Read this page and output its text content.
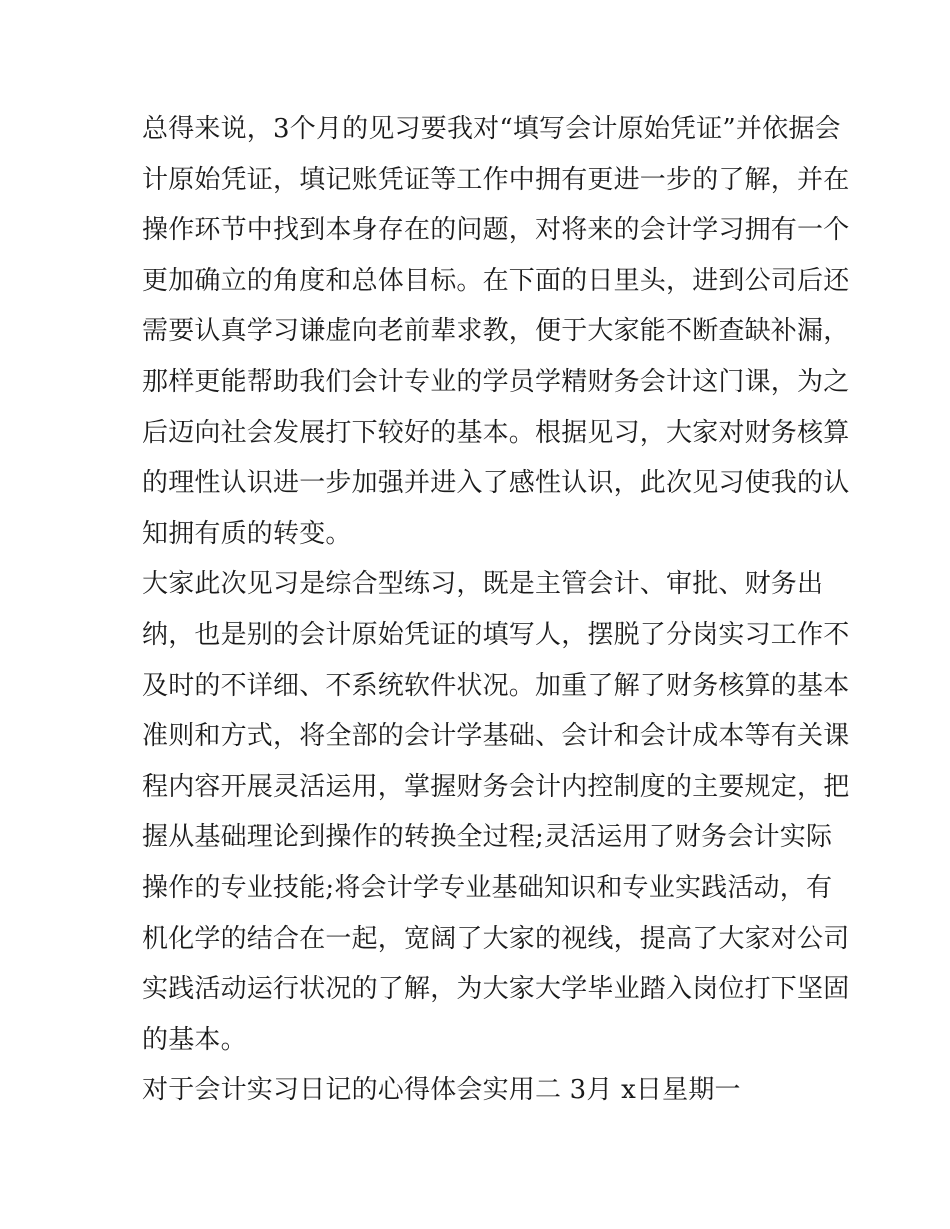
总得来说，3个月的见习要我对“填写会计原始凭证”并依据会
计原始凭证，填记账凭证等工作中拥有更进一步的了解，并在
操作环节中找到本身存在的问题，对将来的会计学习拥有一个
更加确立的角度和总体目标。在下面的日里头，进到公司后还
需要认真学习谦虚向老前辈求教，便于大家能不断查缺补漏，
那样更能帮助我们会计专业的学员学精财务会计这门课，为之
后迈向社会发展打下较好的基本。根据见习，大家对财务核算
的理性认识进一步加强并进入了感性认识，此次见习使我的认
知拥有质的转变。
大家此次见习是综合型练习，既是主管会计、审批、财务出
纳，也是别的会计原始凭证的填写人，摆脱了分岗实习工作不
及时的不详细、不系统软件状况。加重了解了财务核算的基本
准则和方式，将全部的会计学基础、会计和会计成本等有关课
程内容开展灵活运用，掌握财务会计内控制度的主要规定，把
握从基础理论到操作的转换全过程;灵活运用了财务会计实际
操作的专业技能;将会计学专业基础知识和专业实践活动，有
机化学的结合在一起，宽阔了大家的视线，提高了大家对公司
实践活动运行状况的了解，为大家大学毕业踏入岗位打下坚固
的基本。
对于会计实习日记的心得体会实用二 3月 x日星期一
